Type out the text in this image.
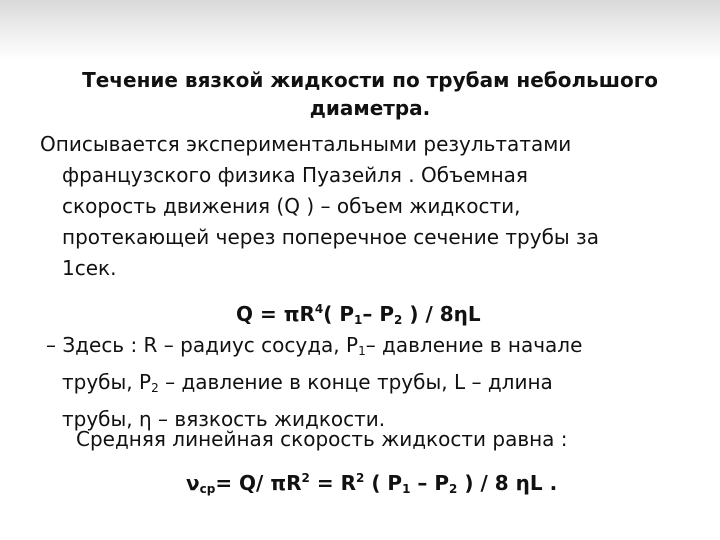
Течение вязкой жидкости по трубам небольшого
диаметра.
Описывается экспериментальными результатами
французского физика Пуазейля . Объемная
скорость движения (Q ) – объем жидкости,
протекающей через поперечное сечение трубы за
1сек.
$Q = \pi R^4$( $P_1-$ $P_2$ ) / 8ηL
– Здесь : R – радиус сосуда, $P_1-$ давление в начале
трубы, $P_2$ – давление в конце трубы, L – длина
трубы, η – вязкость жидкости.
Средняя линейная скорость жидкости равна :
$\nu_{ср}= Q/$ $\pi R^2 = R^2$ ( $P_1 - P_2$ ) / 8 ηL .
